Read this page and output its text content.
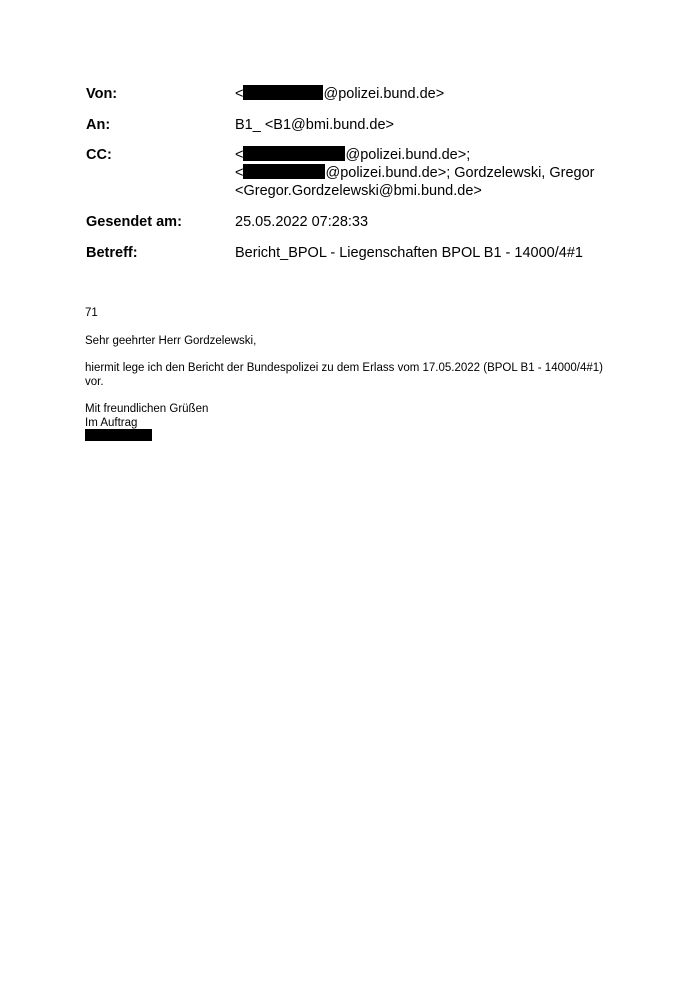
Von:	<	@polizei.bund.de>
An:	B1_ <B1@bmi.bund.de>
CC:	<	@polizei.bund.de>;
<	@polizei.bund.de>; Gordzelewski, Gregor
<Gregor.Gordzelewski@bmi.bund.de>
Gesendet am:	25.05.2022 07:28:33
Betreff:	Bericht_BPOL - Liegenschaften BPOL B1 - 14000/4#1
71
Sehr geehrter Herr Gordzelewski,
hiermit lege ich den Bericht der Bundespolizei zu dem Erlass vom 17.05.2022 (BPOL B1 - 14000/4#1)
vor.
Mit freundlichen Grüßen
Im Auftrag
